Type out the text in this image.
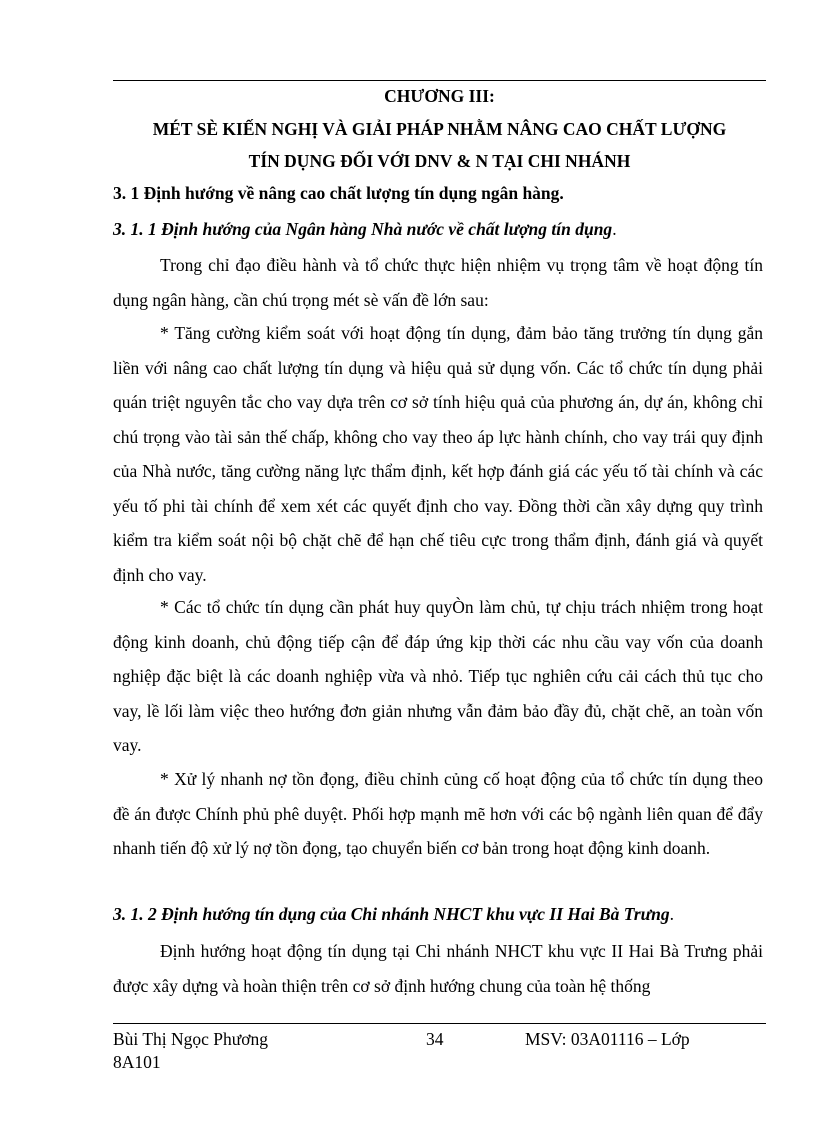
CHƯƠNG III:
MÉT SÈ KIẾN NGHỊ VÀ GIẢI PHÁP NHẰM NÂNG CAO CHẤT LƯỢNG
TÍN DỤNG ĐỐI VỚI DNV & N TẠI CHI NHÁNH
3. 1 Định hướng về nâng cao chất lượng tín dụng ngân hàng.
3. 1. 1 Định hướng của Ngân hàng Nhà nước về chất lượng tín dụng.

Trong chỉ đạo điều hành và tổ chức thực hiện nhiệm vụ trọng tâm về hoạt động tín dụng ngân hàng, cần chú trọng mét sè vấn đề lớn sau:

* Tăng cường kiểm soát với hoạt động tín dụng, đảm bảo tăng trưởng tín dụng gắn liền với nâng cao chất lượng tín dụng và hiệu quả sử dụng vốn. Các tổ chức tín dụng phải quán triệt nguyên tắc cho vay dựa trên cơ sở tính hiệu quả của phương án, dự án, không chỉ chú trọng vào tài sản thế chấp, không cho vay theo áp lực hành chính, cho vay trái quy định của Nhà nước, tăng cường năng lực thẩm định, kết hợp đánh giá các yếu tố tài chính và các yếu tố phi tài chính để xem xét các quyết định cho vay. Đồng thời cần xây dựng quy trình kiểm tra kiểm soát nội bộ chặt chẽ để hạn chế tiêu cực trong thẩm định, đánh giá và quyết định cho vay.

* Các tổ chức tín dụng cần phát huy quyÒn làm chủ, tự chịu trách nhiệm trong hoạt động kinh doanh, chủ động tiếp cận để đáp ứng kịp thời các nhu cầu vay vốn của doanh nghiệp đặc biệt là các doanh nghiệp vừa và nhỏ. Tiếp tục nghiên cứu cải cách thủ tục cho vay, lề lối làm việc theo hướng đơn giản nhưng vẫn đảm bảo đầy đủ, chặt chẽ, an toàn vốn vay.

* Xử lý nhanh nợ tồn đọng, điều chỉnh củng cố hoạt động của tổ chức tín dụng theo đề án được Chính phủ phê duyệt. Phối hợp mạnh mẽ hơn với các bộ ngành liên quan để đẩy nhanh tiến độ xử lý nợ tồn đọng, tạo chuyển biến cơ bản trong hoạt động kinh doanh.

3. 1. 2 Định hướng tín dụng của Chi nhánh NHCT khu vực II Hai Bà Trưng.

Định hướng hoạt động tín dụng tại Chi nhánh NHCT khu vực II Hai Bà Trưng phải được xây dựng và hoàn thiện trên cơ sở định hướng chung của toàn hệ thống

Bùi Thị Ngọc Phương	34	MSV: 03A01116 – Lớp
8A101
